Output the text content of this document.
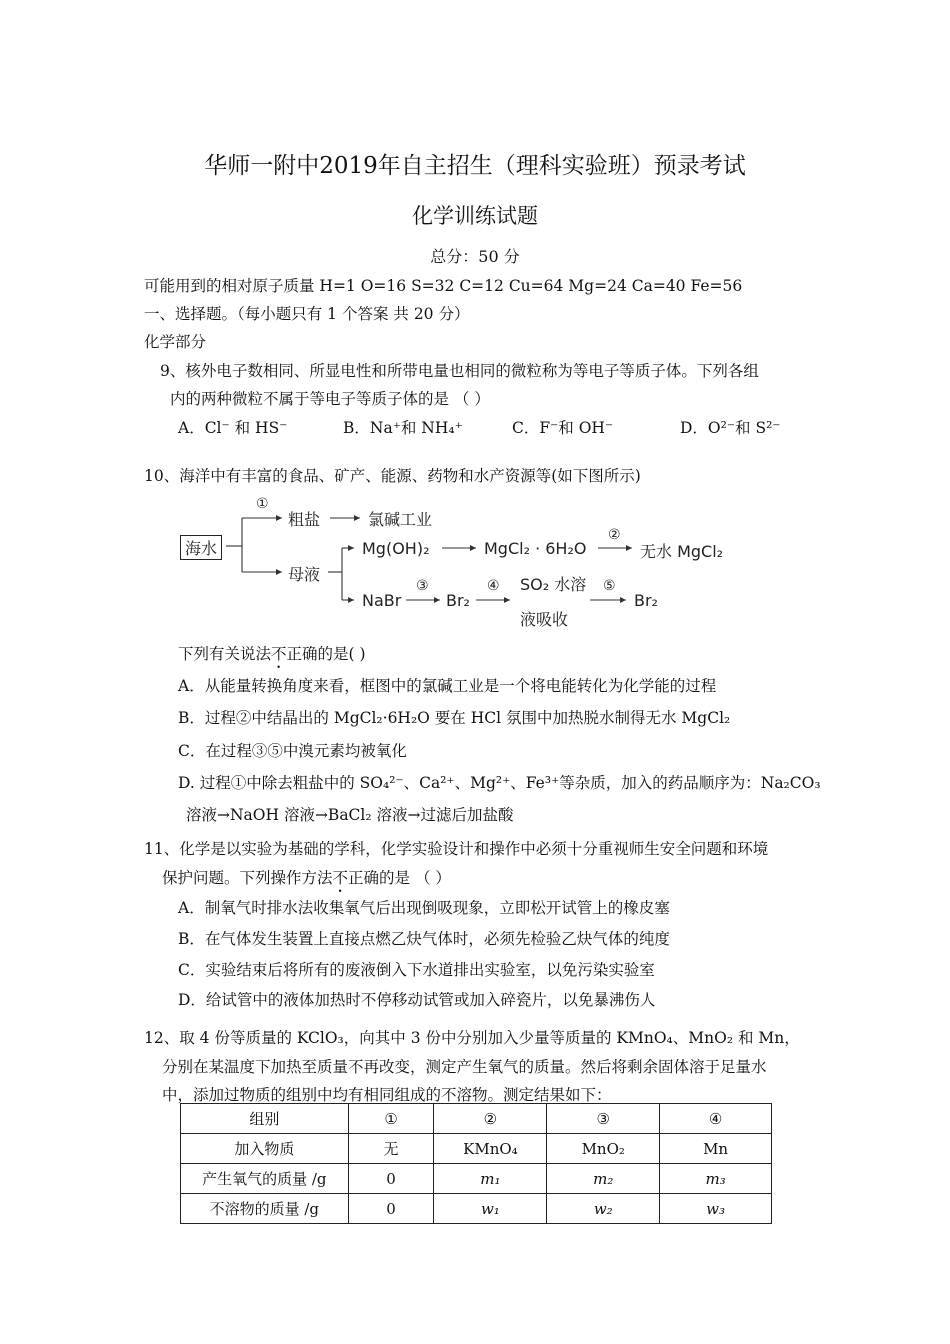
华师一附中2019年自主招生（理科实验班）预录考试
化学训练试题
总分：50 分
可能用到的相对原子质量 H=1 O=16 S=32 C=12 Cu=64 Mg=24 Ca=40 Fe=56
一、选择题。（每小题只有 1 个答案 共 20 分）
化学部分
9、核外电子数相同、所显电性和所带电量也相同的微粒称为等电子等质子体。下列各组
内的两种微粒不属于等电子等质子体的是 （ ）
A．Cl⁻ 和 HS⁻	B．Na⁺和 NH₄⁺	C．F⁻和 OH⁻	D．O²⁻和 S²⁻
10、海洋中有丰富的食品、矿产、能源、药物和水产资源等(如下图所示)
海水
①
粗盐	氯碱工业
母液
Mg(OH)₂	MgCl₂ · 6H₂O
②
无水 MgCl₂
NaBr
③
Br₂
④ SO₂ 水溶
液吸收
⑤
Br₂
下列有关说法不正确的是( )
A．从能量转换角度来看，框图中的氯碱工业是一个将电能转化为化学能的过程
B．过程②中结晶出的 MgCl₂·6H₂O 要在 HCl 氛围中加热脱水制得无水 MgCl₂
C．在过程③⑤中溴元素均被氧化
D. 过程①中除去粗盐中的 SO₄²⁻、Ca²⁺、Mg²⁺、Fe³⁺等杂质，加入的药品顺序为：Na₂CO₃
溶液→NaOH 溶液→BaCl₂ 溶液→过滤后加盐酸
11、化学是以实验为基础的学科，化学实验设计和操作中必须十分重视师生安全问题和环境
保护问题。下列操作方法不正确的是 （ ）
A．制氧气时排水法收集氧气后出现倒吸现象，立即松开试管上的橡皮塞
B．在气体发生装置上直接点燃乙炔气体时，必须先检验乙炔气体的纯度
C．实验结束后将所有的废液倒入下水道排出实验室，以免污染实验室
D．给试管中的液体加热时不停移动试管或加入碎瓷片，以免暴沸伤人
12、取 4 份等质量的 KClO₃，向其中 3 份中分别加入少量等质量的 KMnO₄、MnO₂ 和 Mn，
分别在某温度下加热至质量不再改变，测定产生氧气的质量。然后将剩余固体溶于足量水
中，添加过物质的组别中均有相同组成的不溶物。测定结果如下：
组别	①	②	③	④
加入物质	无	KMnO₄	MnO₂	Mn
产生氧气的质量 /g	0	m₁	m₂	m₃
不溶物的质量 /g	0	w₁	w₂	w₃
